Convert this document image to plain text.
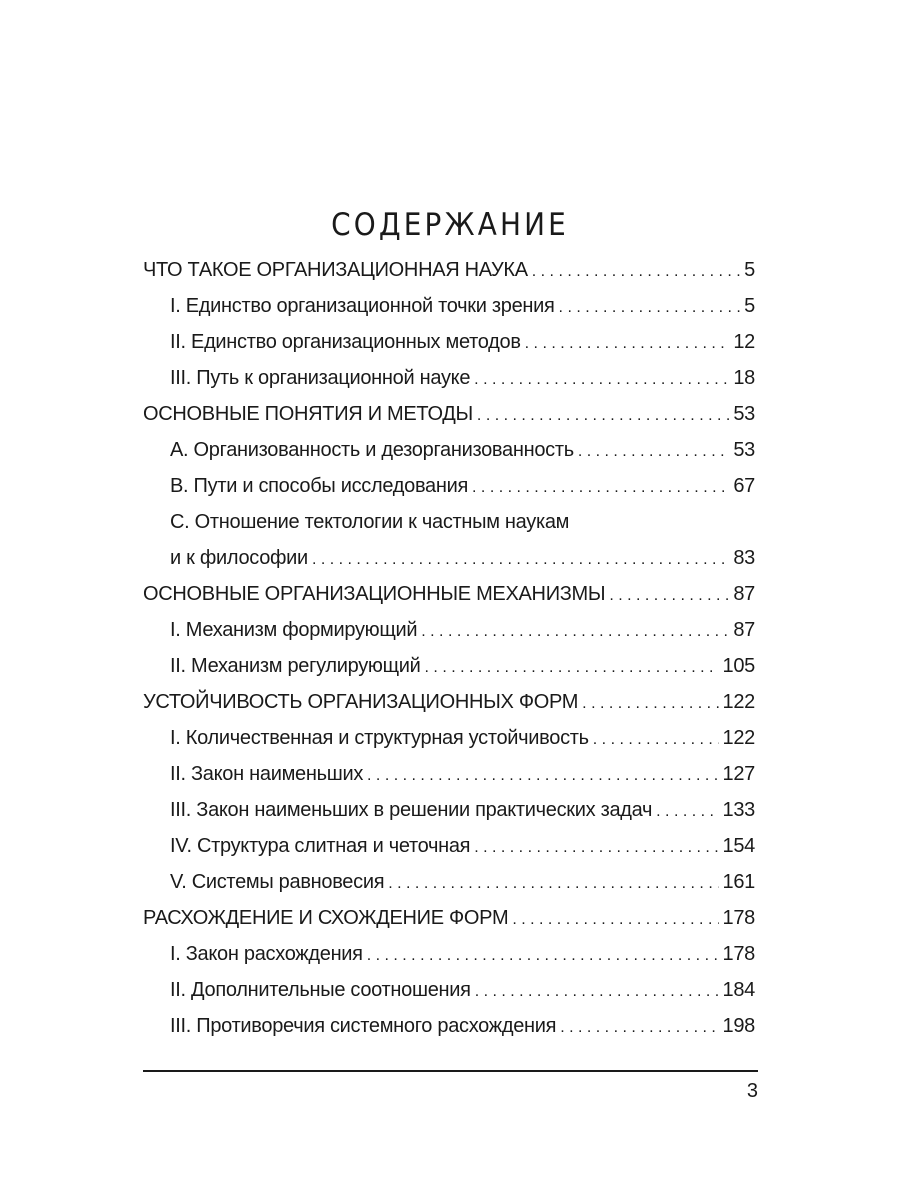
СОДЕРЖАНИЕ
ЧТО ТАКОЕ ОРГАНИЗАЦИОННАЯ НАУКА . . .	5
I. Единство организационной точки зрения . . .	5
II. Единство организационных методов . . .	12
III. Путь к организационной науке . . .	18
ОСНОВНЫЕ ПОНЯТИЯ И МЕТОДЫ . . .	53
А. Организованность и дезорганизованность . . .	53
В. Пути и способы исследования . . .	67
С. Отношение тектологии к частным наукам
и к философии . . .	83
ОСНОВНЫЕ ОРГАНИЗАЦИОННЫЕ МЕХАНИЗМЫ . . .	87
I. Механизм формирующий . . .	87
II. Механизм регулирующий . . .	105
УСТОЙЧИВОСТЬ ОРГАНИЗАЦИОННЫХ ФОРМ . . .	122
I. Количественная и структурная устойчивость . . .	122
II. Закон наименьших . . .	127
III. Закон наименьших в решении практических задач . . .	133
IV. Структура слитная и четочная . . .	154
V. Системы равновесия . . .	161
РАСХОЖДЕНИЕ И СХОЖДЕНИЕ ФОРМ . . .	178
I. Закон расхождения . . .	178
II. Дополнительные соотношения . . .	184
III. Противоречия системного расхождения . . .	198
3
